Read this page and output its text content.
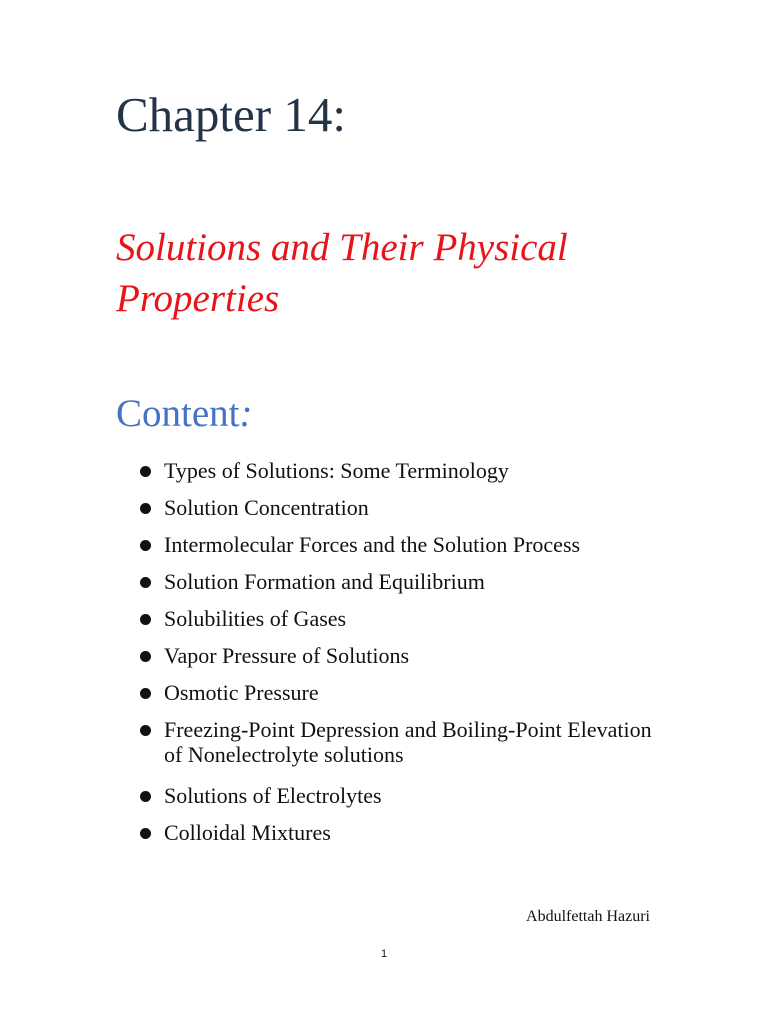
Chapter 14:
Solutions and Their Physical Properties
Content:
Types of Solutions: Some Terminology
Solution Concentration
Intermolecular Forces and the Solution Process
Solution Formation and Equilibrium
Solubilities of Gases
Vapor Pressure of Solutions
Osmotic Pressure
Freezing-Point Depression and Boiling-Point Elevation of Nonelectrolyte solutions
Solutions of Electrolytes
Colloidal Mixtures
Abdulfettah Hazuri
1
